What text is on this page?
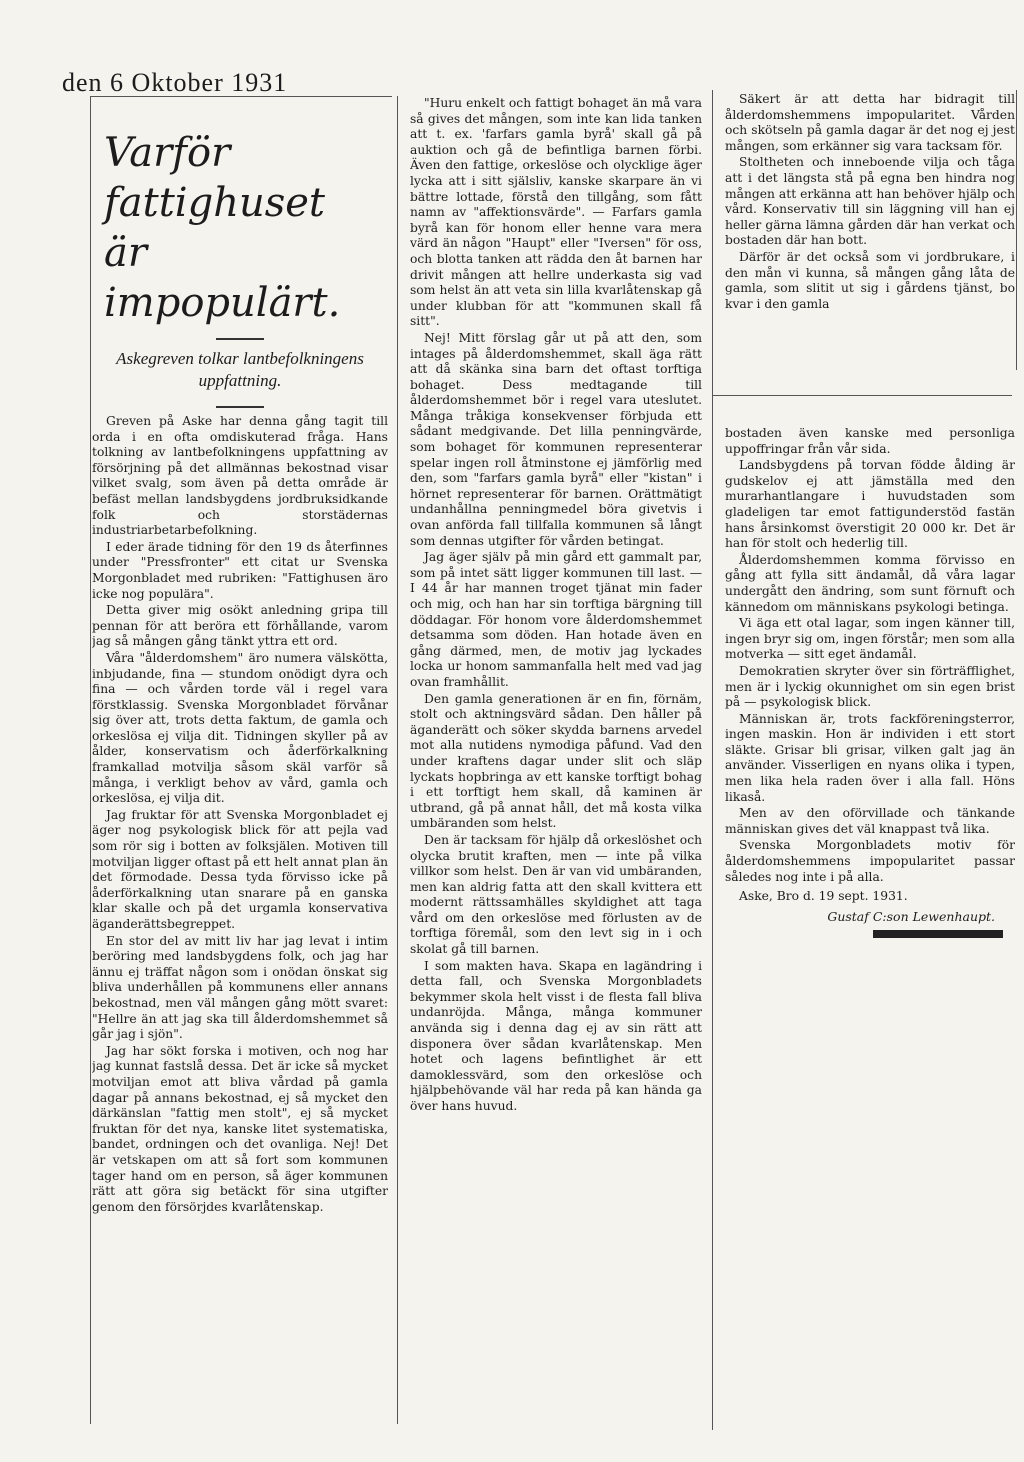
den 6 Oktober 1931
Varför fattighuset
är impopulärt.
Askegreven tolkar lantbefolkningens uppfattning.

Greven på Aske har denna gång tagit till orda i en ofta omdiskuterad fråga. Hans tolkning av lantbefolkningens uppfattning av försörjning på det allmännas bekostnad visar vilket svalg, som även på detta område är befäst mellan landsbygdens jordbruksidkande folk och storstädernas industriarbetarbefolkning.

I eder ärade tidning för den 19 ds återfinnes under "Pressfronter" ett citat ur Svenska Morgonbladet med rubriken: "Fattighusen äro icke nog populära".

Detta giver mig osökt anledning gripa till pennan för att beröra ett förhållande, varom jag så mången gång tänkt yttra ett ord.

Våra "ålderdomshem" äro numera välskötta, inbjudande, fina — stundom onödigt dyra och fina — och vården torde väl i regel vara förstklassig. Svenska Morgonbladet förvånar sig över att, trots detta faktum, de gamla och orkeslösa ej vilja dit. Tidningen skyller på av ålder, konservatism och åderförkalkning framkallad motvilja såsom skäl varför så många, i verkligt behov av vård, gamla och orkeslösa, ej vilja dit.

Jag fruktar för att Svenska Morgonbladet ej äger nog psykologisk blick för att pejla vad som rör sig i botten av folksjälen. Motiven till motviljan ligger oftast på ett helt annat plan än det förmodade. Dessa tyda förvisso icke på åderförkalkning utan snarare på en ganska klar skalle och på det urgamla konservativa äganderättsbegreppet.

En stor del av mitt liv har jag levat i intim beröring med landsbygdens folk, och jag har ännu ej träffat någon som i onödan önskat sig bliva underhållen på kommunens eller annans bekostnad, men väl mången gång mött svaret: "Hellre än att jag ska till ålderdomshemmet så går jag i sjön".

Jag har sökt forska i motiven, och nog har jag kunnat fastslå dessa. Det är icke så mycket motviljan emot att bliva vårdad på gamla dagar på annans bekostnad, ej så mycket den därkänslan "fattig men stolt", ej så mycket fruktan för det nya, kanske litet systematiska, bandet, ordningen och det ovanliga. Nej! Det är vetskapen om att så fort som kommunen tager hand om en person, så äger kommunen rätt att göra sig betäckt för sina utgifter genom den försörjdes kvarlåtenskap.

"Huru enkelt och fattigt bohaget än må vara så gives det mången, som inte kan lida tanken att t. ex. 'farfars gamla byrå' skall gå på auktion och gå de befintliga barnen förbi. Även den fattige, orkeslöse och olycklige äger lycka att i sitt själsliv, kanske skarpare än vi bättre lottade, förstå den tillgång, som fått namn av "affektionsvärde". — Farfars gamla byrå kan för honom eller henne vara mera värd än någon "Haupt" eller "Iversen" för oss, och blotta tanken att rädda den åt barnen har drivit mången att hellre underkasta sig vad som helst än att veta sin lilla kvarlåtenskap gå under klubban för att "kommunen skall få sitt".

Nej! Mitt förslag går ut på att den, som intages på ålderdomshemmet, skall äga rätt att då skänka sina barn det oftast torftiga bohaget. Dess medtagande till ålderdomshemmet bör i regel vara uteslutet. Många tråkiga konsekvenser förbjuda ett sådant medgivande. Det lilla penningvärde, som bohaget för kommunen representerar spelar ingen roll åtminstone ej jämförlig med den, som "farfars gamla byrå" eller "kistan" i hörnet representerar för barnen. Orättmätigt undanhållna penningmedel böra givetvis i ovan anförda fall tillfalla kommunen så långt som dennas utgifter för vården betingat.

Jag äger själv på min gård ett gammalt par, som på intet sätt ligger kommunen till last. — I 44 år har mannen troget tjänat min fader och mig, och han har sin torftiga bärgning till döddagar. För honom vore ålderdomshemmet detsamma som döden. Han hotade även en gång därmed, men, de motiv jag lyckades locka ur honom sammanfalla helt med vad jag ovan framhållit.

Den gamla generationen är en fin, förnäm, stolt och aktningsvärd sådan. Den håller på äganderätt och söker skydda barnens arvedel mot alla nutidens nymodiga påfund. Vad den under kraftens dagar under slit och släp lyckats hopbringa av ett kanske torftigt bohag i ett torftigt hem skall, då kaminen är utbrand, gå på annat håll, det må kosta vilka umbäranden som helst.

Den är tacksam för hjälp då orkeslöshet och olycka brutit kraften, men — inte på vilka villkor som helst. Den är van vid umbäranden, men kan aldrig fatta att den skall kvittera ett modernt rättssamhälles skyldighet att taga vård om den orkeslöse med förlusten av de torftiga föremål, som den levt sig in i och skolat gå till barnen.

I som makten hava. Skapa en lagändring i detta fall, och Svenska Morgonbladets bekymmer skola helt visst i de flesta fall bliva undanröjda. Många, många kommuner använda sig i denna dag ej av sin rätt att disponera över sådan kvarlåtenskap. Men hotet och lagens befintlighet är ett damoklessvärd, som den orkeslöse och hjälpbehövande väl har reda på kan hända ga över hans huvud.

Säkert är att detta har bidragit till ålderdomshemmens impopularitet. Vården och skötseln på gamla dagar är det nog ej jest mången, som erkänner sig vara tacksam för.

Stoltheten och inneboende vilja och tåga att i det längsta stå på egna ben hindra nog mången att erkänna att han behöver hjälp och vård. Konservativ till sin läggning vill han ej heller gärna lämna gården där han verkat och bostaden där han bott.

Därför är det också som vi jordbrukare, i den mån vi kunna, så mången gång låta de gamla, som slitit ut sig i gårdens tjänst, bo kvar i den gamla

bostaden även kanske med personliga uppoffringar från vår sida.

Landsbygdens på torvan födde ålding är gudskelov ej att jämställa med den murarhantlangare i huvudstaden som gladeligen tar emot fattigunderstöd fastän hans årsinkomst överstigit 20 000 kr. Det är han för stolt och hederlig till.

Ålderdomshemmen komma förvisso en gång att fylla sitt ändamål, då våra lagar undergått den ändring, som sunt förnuft och kännedom om människans psykologi betinga.

Vi äga ett otal lagar, som ingen känner till, ingen bryr sig om, ingen förstår; men som alla motverka — sitt eget ändamål.

Demokratien skryter över sin förträfflighet, men är i lyckig okunnighet om sin egen brist på — psykologisk blick.

Människan är, trots fackföreningsterror, ingen maskin. Hon är individen i ett stort släkte. Grisar bli grisar, vilken galt jag än använder. Visserligen en nyans olika i typen, men lika hela raden över i alla fall. Höns likaså.

Men av den oförvillade och tänkande människan gives det väl knappast två lika.

Svenska Morgonbladets motiv för ålderdomshemmens impopularitet passar således nog inte i på alla.

Aske, Bro d. 19 sept. 1931.
Gustaf C:son Lewenhaupt.
